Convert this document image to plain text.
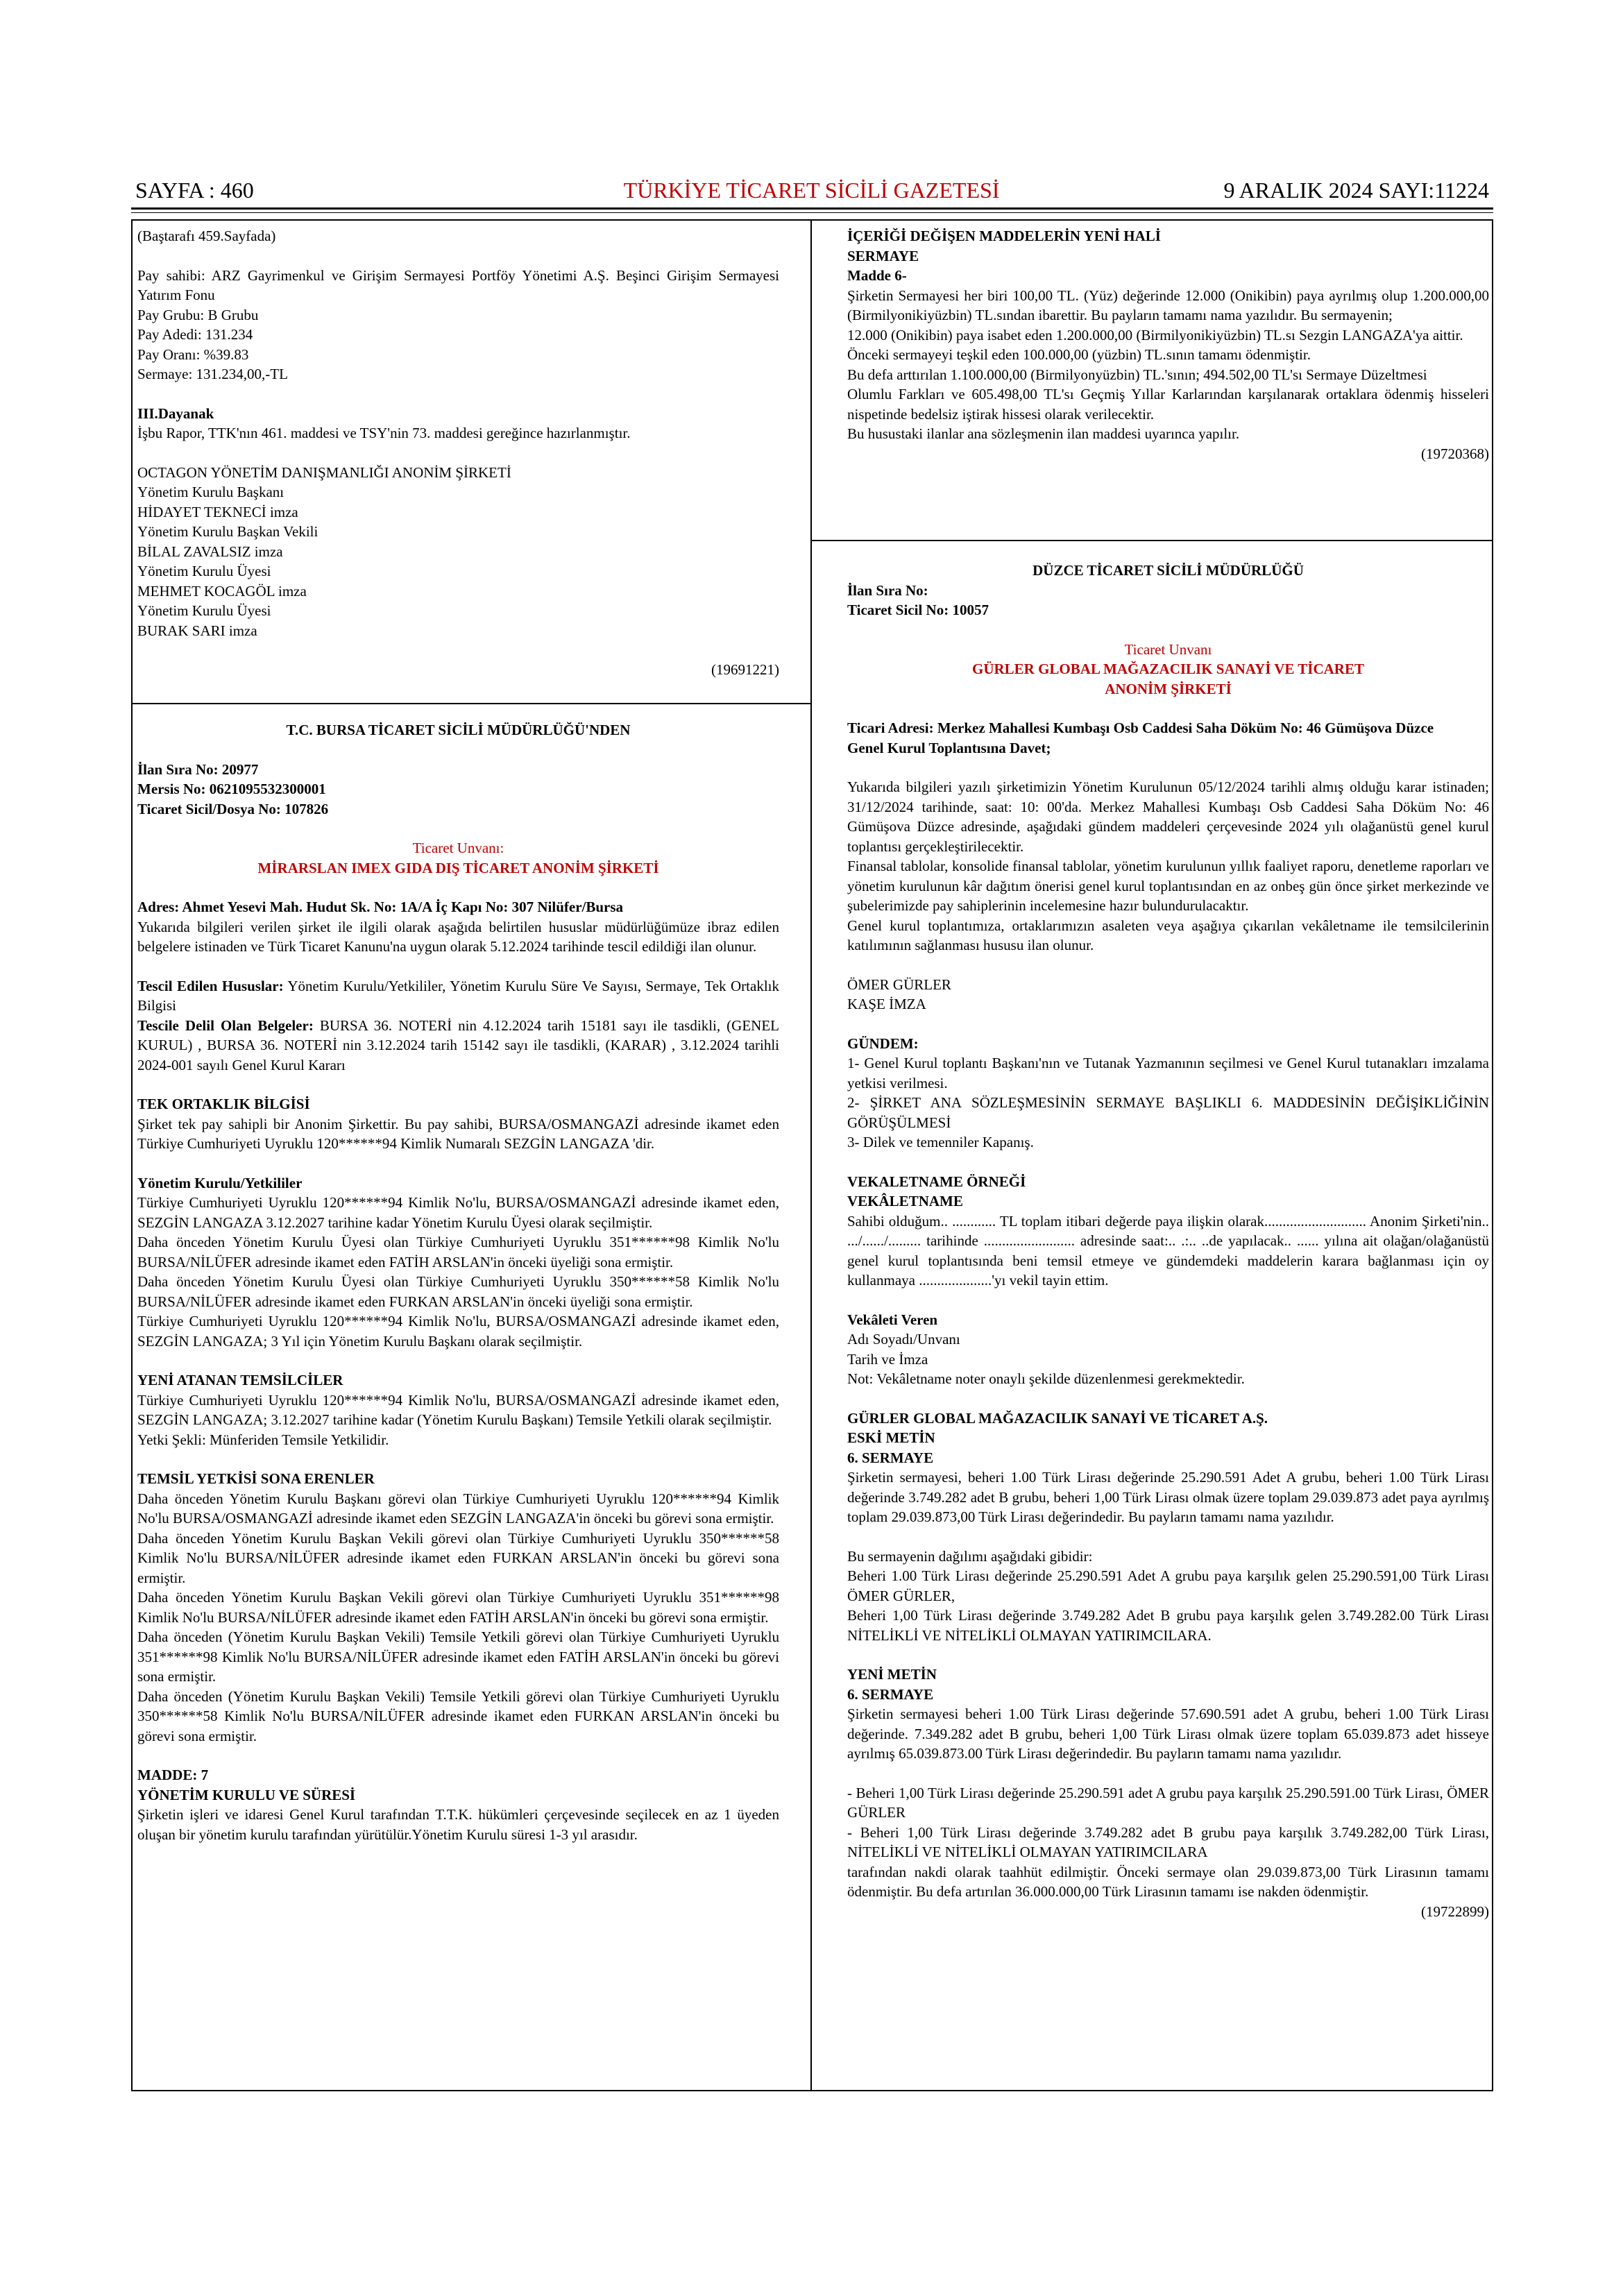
SAYFA : 460	TÜRKİYE TİCARET SİCİLİ GAZETESİ	9 ARALIK 2024 SAYI:11224

(Baştarafı 459.Sayfada)

Pay sahibi: ARZ Gayrimenkul ve Girişim Sermayesi Portföy Yönetimi A.Ş. Beşinci Girişim Sermayesi Yatırım Fonu

Pay Grubu: B Grubu

Pay Adedi: 131.234

Pay Oranı: %39.83

Sermaye: 131.234,00,-TL

III.Dayanak

İşbu Rapor, TTK'nın 461. maddesi ve TSY'nin 73. maddesi gereğince hazırlanmıştır.

OCTAGON YÖNETİM DANIŞMANLIĞI ANONİM ŞİRKETİ

Yönetim Kurulu Başkanı

HİDAYET TEKNECİ imza

Yönetim Kurulu Başkan Vekili

BİLAL ZAVALSIZ imza

Yönetim Kurulu Üyesi

MEHMET KOCAGÖL imza

Yönetim Kurulu Üyesi

BURAK SARI imza

(19691221)

İÇERİĞİ DEĞİŞEN MADDELERİN YENİ HALİ

SERMAYE

Madde 6-

Şirketin Sermayesi her biri 100,00 TL. (Yüz) değerinde 12.000 (Onikibin) paya ayrılmış olup 1.200.000,00 (Birmilyonikiyüzbin) TL.sından ibarettir. Bu payların tamamı nama yazılıdır. Bu sermayenin;

12.000 (Onikibin) paya isabet eden 1.200.000,00 (Birmilyonikiyüzbin) TL.sı Sezgin LANGAZA'ya aittir.

Önceki sermayeyi teşkil eden 100.000,00 (yüzbin) TL.sının tamamı ödenmiştir.

Bu defa arttırılan 1.100.000,00 (Birmilyonyüzbin) TL.'sının; 494.502,00 TL'sı Sermaye Düzeltmesi

Olumlu Farkları ve 605.498,00 TL'sı Geçmiş Yıllar Karlarından karşılanarak ortaklara ödenmiş hisseleri nispetinde bedelsiz iştirak hissesi olarak verilecektir.

Bu husustaki ilanlar ana sözleşmenin ilan maddesi uyarınca yapılır.

(19720368)

T.C. BURSA TİCARET SİCİLİ MÜDÜRLÜĞÜ'NDEN

İlan Sıra No: 20977

Mersis No: 0621095532300001

Ticaret Sicil/Dosya No: 107826

Ticaret Unvanı:

MİRARSLAN IMEX GIDA DIŞ TİCARET ANONİM ŞİRKETİ

Adres: Ahmet Yesevi Mah. Hudut Sk. No: 1A/A İç Kapı No: 307 Nilüfer/Bursa

Yukarıda bilgileri verilen şirket ile ilgili olarak aşağıda belirtilen hususlar müdürlüğümüze ibraz edilen belgelere istinaden ve Türk Ticaret Kanunu'na uygun olarak 5.12.2024 tarihinde tescil edildiği ilan olunur.

Tescil Edilen Hususlar: Yönetim Kurulu/Yetkililer, Yönetim Kurulu Süre Ve Sayısı, Sermaye, Tek Ortaklık Bilgisi

Tescile Delil Olan Belgeler: BURSA 36. NOTERİ nin 4.12.2024 tarih 15181 sayı ile tasdikli, (GENEL KURUL) , BURSA 36. NOTERİ nin 3.12.2024 tarih 15142 sayı ile tasdikli, (KARAR) , 3.12.2024 tarihli 2024-001 sayılı Genel Kurul Kararı

TEK ORTAKLIK BİLGİSİ

Şirket tek pay sahipli bir Anonim Şirkettir. Bu pay sahibi, BURSA/OSMANGAZİ adresinde ikamet eden Türkiye Cumhuriyeti Uyruklu 120******94 Kimlik Numaralı SEZGİN LANGAZA 'dir.

Yönetim Kurulu/Yetkililer

Türkiye Cumhuriyeti Uyruklu 120******94 Kimlik No'lu, BURSA/OSMANGAZİ adresinde ikamet eden, SEZGİN LANGAZA 3.12.2027 tarihine kadar Yönetim Kurulu Üyesi olarak seçilmiştir.

Daha önceden Yönetim Kurulu Üyesi olan Türkiye Cumhuriyeti Uyruklu 351******98 Kimlik No'lu BURSA/NİLÜFER adresinde ikamet eden FATİH ARSLAN'in önceki üyeliği sona ermiştir.

Daha önceden Yönetim Kurulu Üyesi olan Türkiye Cumhuriyeti Uyruklu 350******58 Kimlik No'lu BURSA/NİLÜFER adresinde ikamet eden FURKAN ARSLAN'in önceki üyeliği sona ermiştir.

Türkiye Cumhuriyeti Uyruklu 120******94 Kimlik No'lu, BURSA/OSMANGAZİ adresinde ikamet eden, SEZGİN LANGAZA; 3 Yıl için Yönetim Kurulu Başkanı olarak seçilmiştir.

YENİ ATANAN TEMSİLCİLER

Türkiye Cumhuriyeti Uyruklu 120******94 Kimlik No'lu, BURSA/OSMANGAZİ adresinde ikamet eden, SEZGİN LANGAZA; 3.12.2027 tarihine kadar (Yönetim Kurulu Başkanı) Temsile Yetkili olarak seçilmiştir.

Yetki Şekli: Münferiden Temsile Yetkilidir.

TEMSİL YETKİSİ SONA ERENLER

Daha önceden Yönetim Kurulu Başkanı görevi olan Türkiye Cumhuriyeti Uyruklu 120******94 Kimlik No'lu BURSA/OSMANGAZİ adresinde ikamet eden SEZGİN LANGAZA'in önceki bu görevi sona ermiştir.

Daha önceden Yönetim Kurulu Başkan Vekili görevi olan Türkiye Cumhuriyeti Uyruklu 350******58 Kimlik No'lu BURSA/NİLÜFER adresinde ikamet eden FURKAN ARSLAN'in önceki bu görevi sona ermiştir.

Daha önceden Yönetim Kurulu Başkan Vekili görevi olan Türkiye Cumhuriyeti Uyruklu 351******98 Kimlik No'lu BURSA/NİLÜFER adresinde ikamet eden FATİH ARSLAN'in önceki bu görevi sona ermiştir.

Daha önceden (Yönetim Kurulu Başkan Vekili) Temsile Yetkili görevi olan Türkiye Cumhuriyeti Uyruklu 351******98 Kimlik No'lu BURSA/NİLÜFER adresinde ikamet eden FATİH ARSLAN'in önceki bu görevi sona ermiştir.

Daha önceden (Yönetim Kurulu Başkan Vekili) Temsile Yetkili görevi olan Türkiye Cumhuriyeti Uyruklu 350******58 Kimlik No'lu BURSA/NİLÜFER adresinde ikamet eden FURKAN ARSLAN'in önceki bu görevi sona ermiştir.

MADDE: 7

YÖNETİM KURULU VE SÜRESİ

Şirketin işleri ve idaresi Genel Kurul tarafından T.T.K. hükümleri çerçevesinde seçilecek en az 1 üyeden oluşan bir yönetim kurulu tarafından yürütülür.Yönetim Kurulu süresi 1-3 yıl arasıdır.

DÜZCE TİCARET SİCİLİ MÜDÜRLÜĞÜ

İlan Sıra No:

Ticaret Sicil No: 10057

Ticaret Unvanı

GÜRLER GLOBAL MAĞAZACILIK SANAYİ VE TİCARET

ANONİM ŞİRKETİ

Ticari Adresi: Merkez Mahallesi Kumbaşı Osb Caddesi Saha Döküm No: 46 Gümüşova Düzce

Genel Kurul Toplantısına Davet;

Yukarıda bilgileri yazılı şirketimizin Yönetim Kurulunun 05/12/2024 tarihli almış olduğu karar istinaden; 31/12/2024 tarihinde, saat: 10: 00'da. Merkez Mahallesi Kumbaşı Osb Caddesi Saha Döküm No: 46 Gümüşova Düzce adresinde, aşağıdaki gündem maddeleri çerçevesinde 2024 yılı olağanüstü genel kurul toplantısı gerçekleştirilecektir.

Finansal tablolar, konsolide finansal tablolar, yönetim kurulunun yıllık faaliyet raporu, denetleme raporları ve yönetim kurulunun kâr dağıtım önerisi genel kurul toplantısından en az onbeş gün önce şirket merkezinde ve şubelerimizde pay sahiplerinin incelemesine hazır bulundurulacaktır.

Genel kurul toplantımıza, ortaklarımızın asaleten veya aşağıya çıkarılan vekâletname ile temsilcilerinin katılımının sağlanması hususu ilan olunur.

ÖMER GÜRLER

KAŞE İMZA

GÜNDEM:

1- Genel Kurul toplantı Başkanı'nın ve Tutanak Yazmanının seçilmesi ve Genel Kurul tutanakları imzalama yetkisi verilmesi.

2- ŞİRKET ANA SÖZLEŞMESİNİN SERMAYE BAŞLIKLI 6. MADDESİNİN DEĞİŞİKLİĞİNİN GÖRÜŞÜLMESİ

3- Dilek ve temenniler Kapanış.

VEKALETNAME ÖRNEĞİ

VEKÂLETNAME

Sahibi olduğum.. ............ TL toplam itibari değerde paya ilişkin olarak............................ Anonim Şirketi'nin.. .../....../......... tarihinde ......................... adresinde saat:.. .:.. ..de yapılacak.. ...... yılına ait olağan/olağanüstü genel kurul toplantısında beni temsil etmeye ve gündemdeki maddelerin karara bağlanması için oy kullanmaya ....................'yı vekil tayin ettim.

Vekâleti Veren

Adı Soyadı/Unvanı

Tarih ve İmza

Not: Vekâletname noter onaylı şekilde düzenlenmesi gerekmektedir.

GÜRLER GLOBAL MAĞAZACILIK SANAYİ VE TİCARET A.Ş.

ESKİ METİN

6. SERMAYE

Şirketin sermayesi, beheri 1.00 Türk Lirası değerinde 25.290.591 Adet A grubu, beheri 1.00 Türk Lirası değerinde 3.749.282 adet B grubu, beheri 1,00 Türk Lirası olmak üzere toplam 29.039.873 adet paya ayrılmış toplam 29.039.873,00 Türk Lirası değerindedir. Bu payların tamamı nama yazılıdır.

Bu sermayenin dağılımı aşağıdaki gibidir:

Beheri 1.00 Türk Lirası değerinde 25.290.591 Adet A grubu paya karşılık gelen 25.290.591,00 Türk Lirası ÖMER GÜRLER,

Beheri 1,00 Türk Lirası değerinde 3.749.282 Adet B grubu paya karşılık gelen 3.749.282.00 Türk Lirası NİTELİKLİ VE NİTELİKLİ OLMAYAN YATIRIMCILARA.

YENİ METİN

6. SERMAYE

Şirketin sermayesi beheri 1.00 Türk Lirası değerinde 57.690.591 adet A grubu, beheri 1.00 Türk Lirası değerinde. 7.349.282 adet B grubu, beheri 1,00 Türk Lirası olmak üzere toplam 65.039.873 adet hisseye ayrılmış 65.039.873.00 Türk Lirası değerindedir. Bu payların tamamı nama yazılıdır.

- Beheri 1,00 Türk Lirası değerinde 25.290.591 adet A grubu paya karşılık 25.290.591.00 Türk Lirası, ÖMER GÜRLER

- Beheri 1,00 Türk Lirası değerinde 3.749.282 adet B grubu paya karşılık 3.749.282,00 Türk Lirası, NİTELİKLİ VE NİTELİKLİ OLMAYAN YATIRIMCILARA

tarafından nakdi olarak taahhüt edilmiştir. Önceki sermaye olan 29.039.873,00 Türk Lirasının tamamı ödenmiştir. Bu defa artırılan 36.000.000,00 Türk Lirasının tamamı ise nakden ödenmiştir.

(19722899)
